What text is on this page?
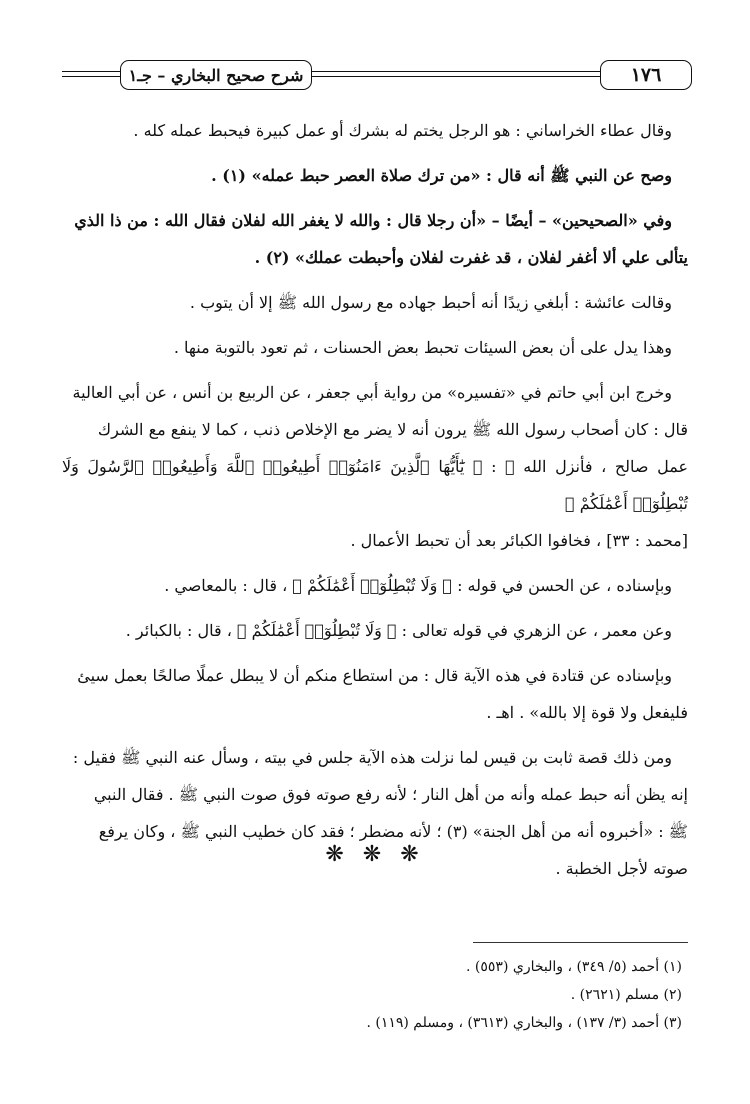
١٧٦
شرح صحيح البخاري – جـ١

وقال عطاء الخراساني : هو الرجل يختم له بشرك أو عمل كبيرة فيحبط عمله كله .

وصح عن النبي ﷺ أنه قال : «من ترك صلاة العصر حبط عمله» (١) .

وفي «الصحيحين» – أيضًا – «أن رجلا قال : والله لا يغفر الله لفلان فقال الله : من ذا الذي
يتألى علي ألا أغفر لفلان ، قد غفرت لفلان وأحبطت عملك» (٢) .

وقالت عائشة : أبلغي زيدًا أنه أحبط جهاده مع رسول الله ﷺ إلا أن يتوب .

وهذا يدل على أن بعض السيئات تحبط بعض الحسنات ، ثم تعود بالتوبة منها .

وخرج ابن أبي حاتم في «تفسيره» من رواية أبي جعفر ، عن الربيع بن أنس ، عن أبي العالية
قال : كان أصحاب رسول الله ﷺ يرون أنه لا يضر مع الإخلاص ذنب ، كما لا ينفع مع الشرك
عمل صالح ، فأنزل الله ﷻ : ﴿ يَٰٓأَيُّهَا ٱلَّذِينَ ءَامَنُوٓا۟ أَطِيعُوا۟ ٱللَّهَ وَأَطِيعُوا۟ ٱلرَّسُولَ وَلَا تُبْطِلُوٓا۟ أَعْمَٰلَكُمْ ﴾
[محمد : ٣٣] ، فخافوا الكبائر بعد أن تحبط الأعمال .

وبإسناده ، عن الحسن في قوله : ﴿ وَلَا تُبْطِلُوٓا۟ أَعْمَٰلَكُمْ ﴾ ، قال : بالمعاصي .

وعن معمر ، عن الزهري في قوله تعالى : ﴿ وَلَا تُبْطِلُوٓا۟ أَعْمَٰلَكُمْ ﴾ ، قال : بالكبائر .

وبإسناده عن قتادة في هذه الآية قال : من استطاع منكم أن لا يبطل عملًا صالحًا بعمل سيئ
فليفعل ولا قوة إلا بالله» . اهـ .

ومن ذلك قصة ثابت بن قيس لما نزلت هذه الآية جلس في بيته ، وسأل عنه النبي ﷺ فقيل :
إنه يظن أنه حبط عمله وأنه من أهل النار ؛ لأنه رفع صوته فوق صوت النبي ﷺ . فقال النبي
ﷺ : «أخبروه أنه من أهل الجنة» (٣) ؛ لأنه مضطر ؛ فقد كان خطيب النبي ﷺ ، وكان يرفع
صوته لأجل الخطبة .

❋ ❋ ❋
(١) أحمد (٥/ ٣٤٩) ، والبخاري (٥٥٣) .
(٢) مسلم (٢٦٢١) .
(٣) أحمد (٣/ ١٣٧) ، والبخاري (٣٦١٣) ، ومسلم (١١٩) .
